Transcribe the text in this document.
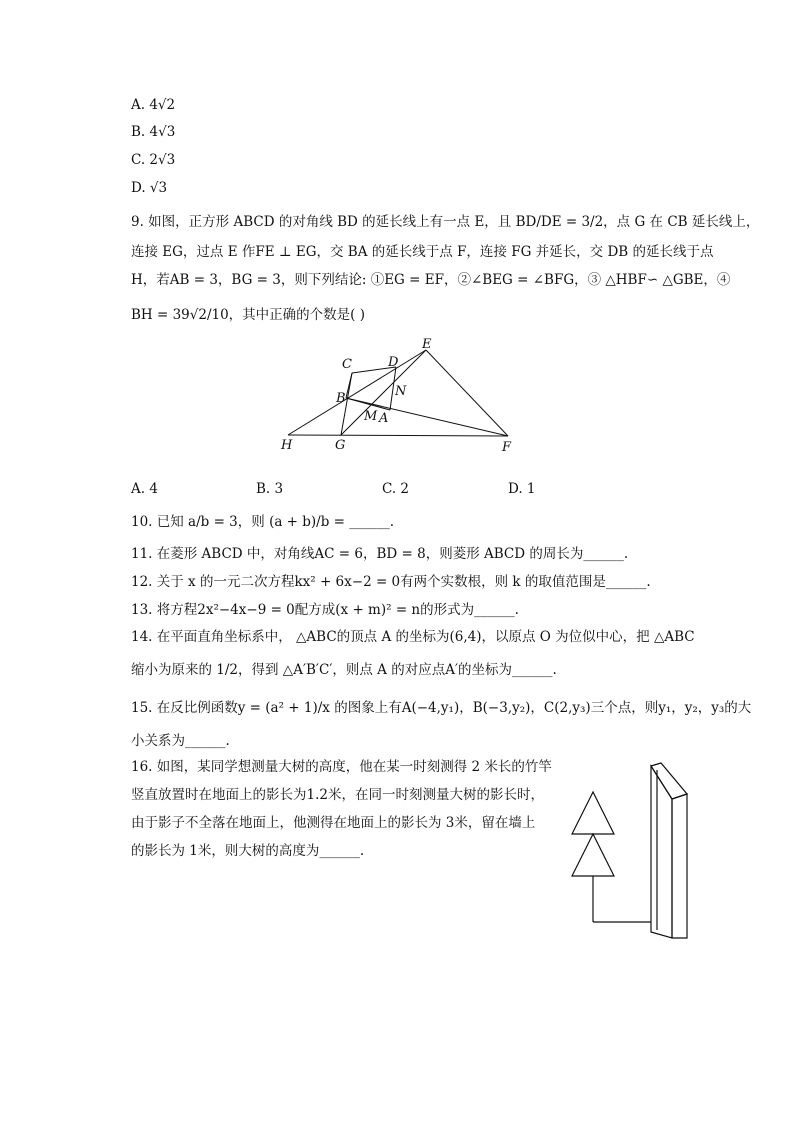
A. 4√2
B. 4√3
C. 2√3
D. √3
9. 如图，正方形 ABCD 的对角线 BD 的延长线上有一点 E，且 BD/DE = 3/2，点 G 在 CB 延长线上，
连接 EG，过点 E 作FE ⊥ EG，交 BA 的延长线于点 F，连接 FG 并延长，交 DB 的延长线于点
H，若AB = 3，BG = 3，则下列结论: ①EG = EF，②∠BEG = ∠BFG，③ △HBF∽ △GBE，④
BH = 39√2/10，其中正确的个数是( )
C	D
E
B	N
M A
H	G	F
A. 4	B. 3	C. 2	D. 1
10. 已知 a/b = 3，则 (a + b)/b = ______.
11. 在菱形 ABCD 中，对角线AC = 6，BD = 8，则菱形 ABCD 的周长为______.
12. 关于 x 的一元二次方程kx² + 6x−2 = 0有两个实数根，则 k 的取值范围是______.
13. 将方程2x²−4x−9 = 0配方成(x + m)² = n的形式为______.
14. 在平面直角坐标系中， △ABC的顶点 A 的坐标为(6,4)，以原点 O 为位似中心，把 △ABC
缩小为原来的 1/2，得到 △A′B′C′，则点 A 的对应点A′的坐标为______.
15. 在反比例函数y = (a² + 1)/x 的图象上有A(−4,y₁)，B(−3,y₂)，C(2,y₃)三个点，则y₁，y₂，y₃的大
小关系为______.
16. 如图，某同学想测量大树的高度，他在某一时刻测得 2 米长的竹竿
竖直放置时在地面上的影长为1.2米，在同一时刻测量大树的影长时，
由于影子不全落在地面上，他测得在地面上的影长为 3米，留在墙上
的影长为 1米，则大树的高度为______.
